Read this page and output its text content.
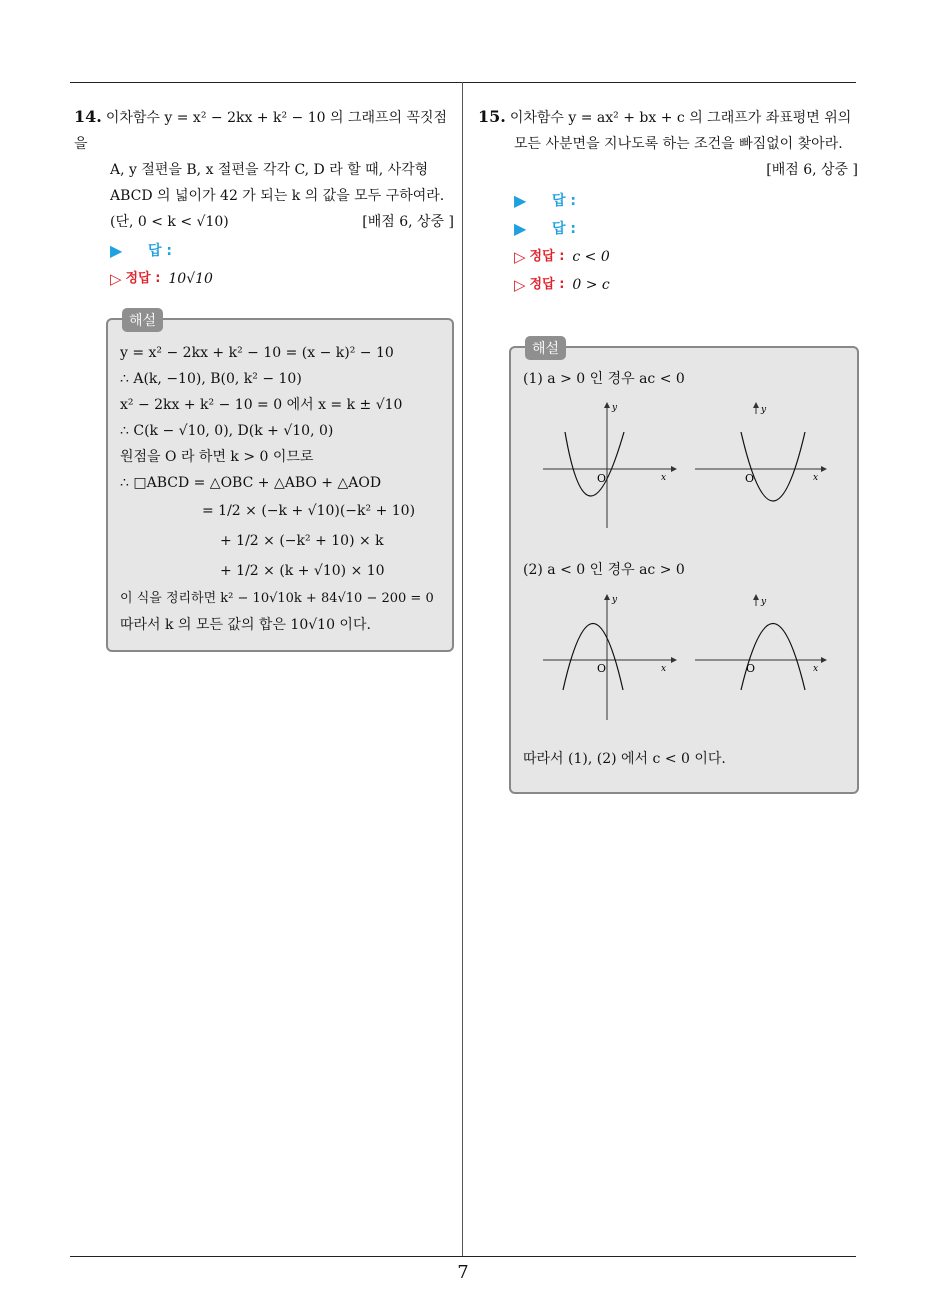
14. 이차함수 y = x² − 2kx + k² − 10 의 그래프의 꼭짓점을
A, y 절편을 B, x 절편을 각각 C, D 라 할 때, 사각형
ABCD 의 넓이가 42 가 되는 k 의 값을 모두 구하여라.
(단, 0 < k < √10)	[배점 6, 상중 ]
▶	답 :
▷ 정답 : 10√10
해설
y = x² − 2kx + k² − 10 = (x − k)² − 10
∴ A(k, −10), B(0, k² − 10)
x² − 2kx + k² − 10 = 0 에서 x = k ± √10
∴ C(k − √10, 0), D(k + √10, 0)
원점을 O 라 하면 k > 0 이므로
∴ □ABCD = △OBC + △ABO + △AOD
= 1/2 × (−k + √10)(−k² + 10)
+ 1/2 × (−k² + 10) × k
+ 1/2 × (k + √10) × 10
이 식을 정리하면 k² − 10√10k + 84√10 − 200 = 0
따라서 k 의 모든 값의 합은 10√10 이다.
15. 이차함수 y = ax² + bx + c 의 그래프가 좌표평면 위의
모든 사분면을 지나도록 하는 조건을 빠짐없이 찾아라.
[배점 6, 상중 ]
▶	답 :
▶	답 :
▷ 정답 : c < 0
▷ 정답 : 0 > c
해설
(1) a > 0 인 경우 ac < 0
y
x
O
y
x
O
(2) a < 0 인 경우 ac > 0
y
x
O
y
x
O
따라서 (1), (2) 에서 c < 0 이다.
7
